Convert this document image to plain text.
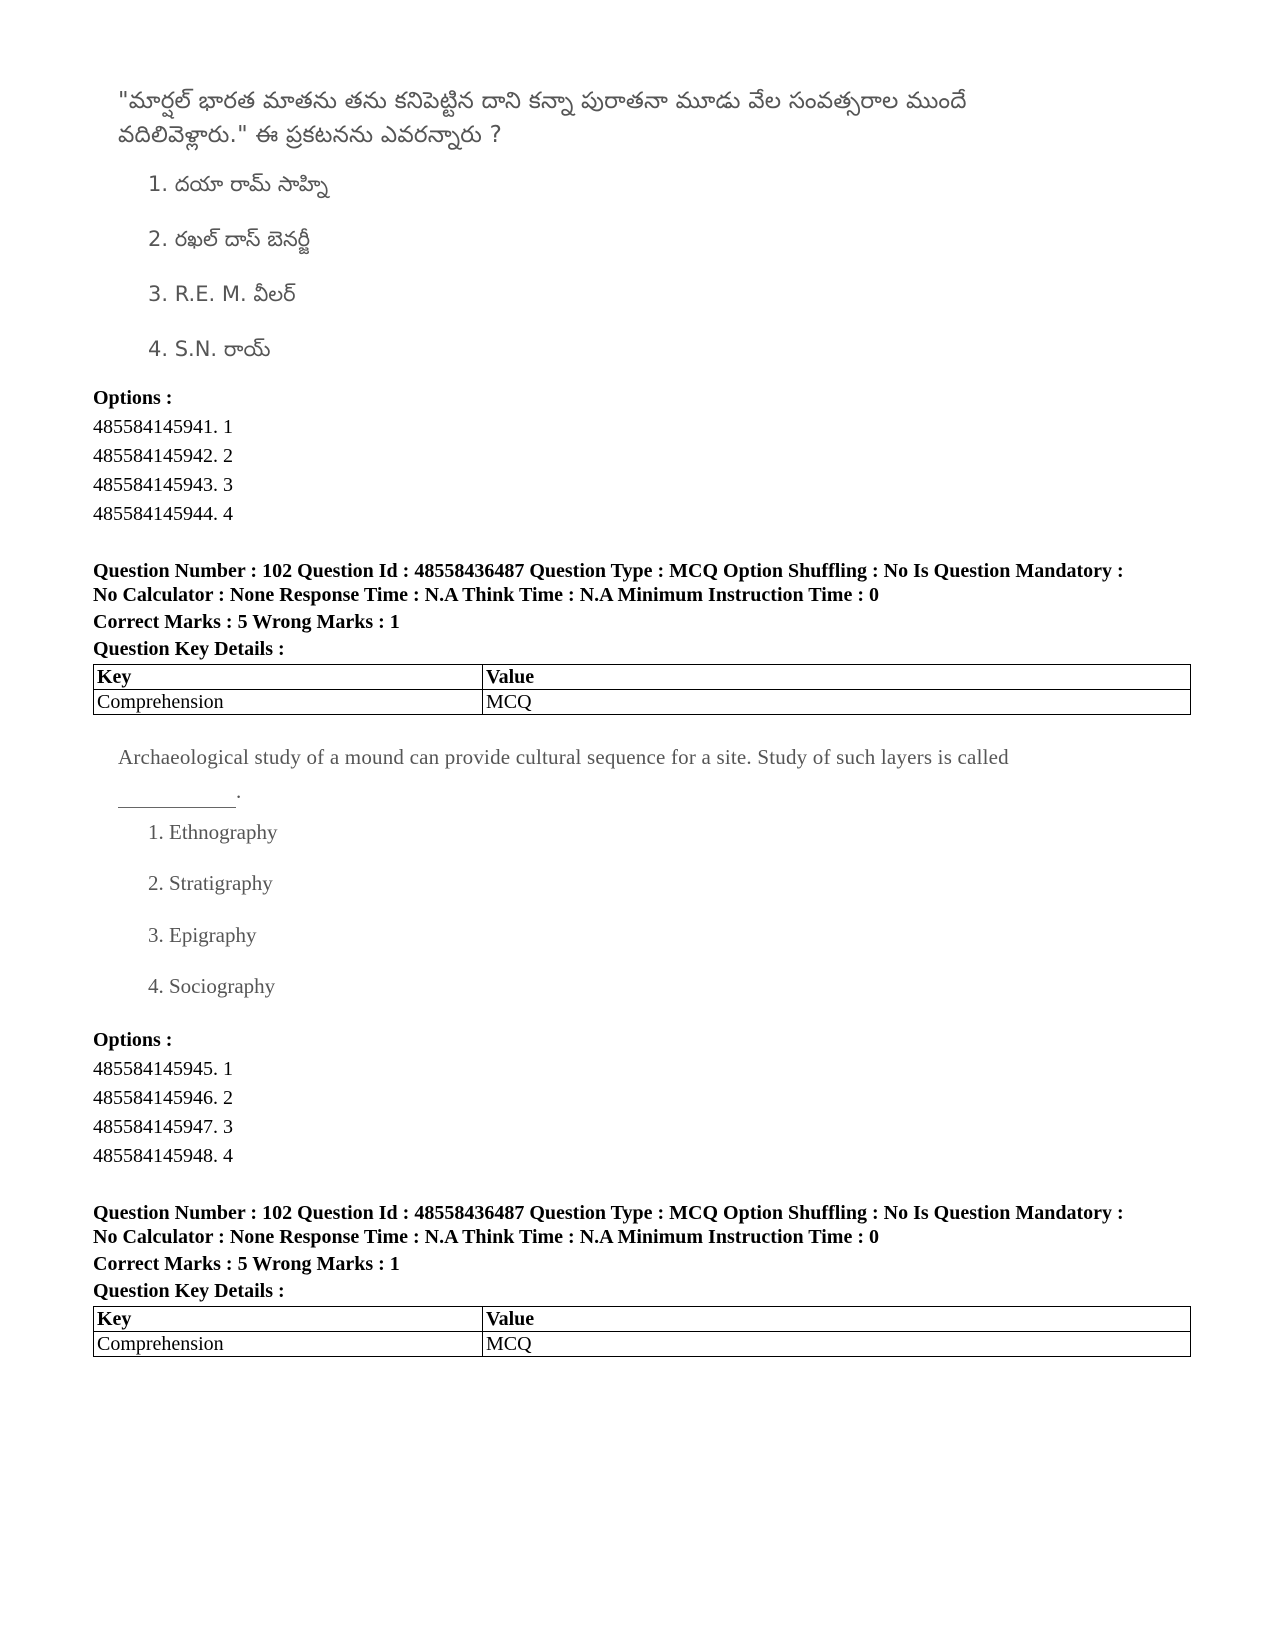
"మార్షల్ భారత మాతను తను కనిపెట్టిన దాని కన్నా పురాతనా మూడు వేల సంవత్సరాల ముందే
వదిలివెళ్లారు." ఈ ప్రకటనను ఎవరన్నారు ?
1. దయా రామ్ సాహ్ని
2. రఖల్ దాస్ బెనర్జీ
3. R.E. M. వీలర్
4. S.N. రాయ్
Options :
485584145941. 1
485584145942. 2
485584145943. 3
485584145944. 4
Question Number : 102 Question Id : 48558436487 Question Type : MCQ Option Shuffling : No Is Question Mandatory :
No Calculator : None Response Time : N.A Think Time : N.A Minimum Instruction Time : 0
Correct Marks : 5 Wrong Marks : 1
Question Key Details :
Key	Value
Comprehension	MCQ
Archaeological study of a mound can provide cultural sequence for a site. Study of such layers is called
.
1. Ethnography
2. Stratigraphy
3. Epigraphy
4. Sociography
Options :
485584145945. 1
485584145946. 2
485584145947. 3
485584145948. 4
Question Number : 102 Question Id : 48558436487 Question Type : MCQ Option Shuffling : No Is Question Mandatory :
No Calculator : None Response Time : N.A Think Time : N.A Minimum Instruction Time : 0
Correct Marks : 5 Wrong Marks : 1
Question Key Details :
Key	Value
Comprehension	MCQ
